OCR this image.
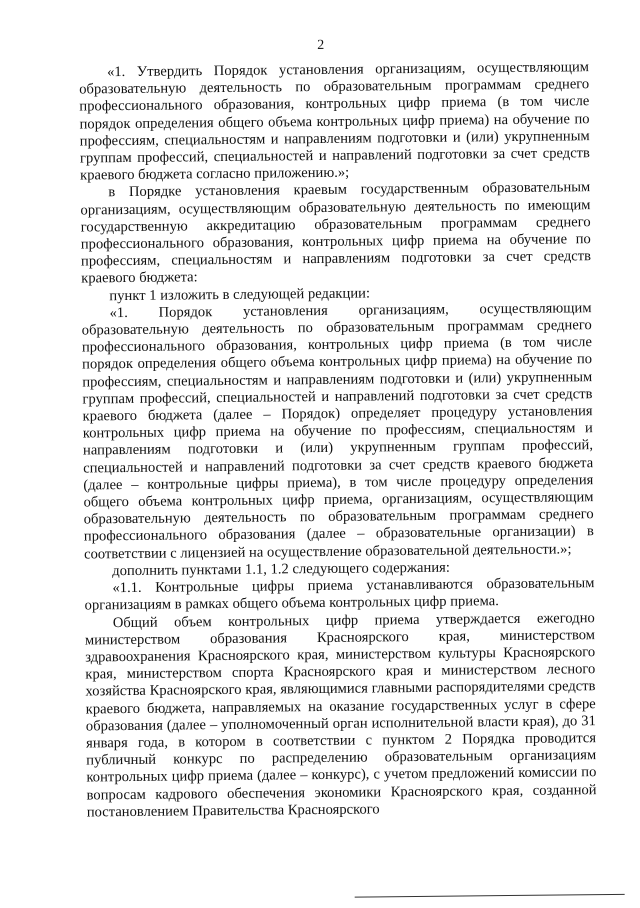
2

«1. Утвердить Порядок установления организациям, осуществляющим образовательную деятельность по образовательным программам среднего профессионального образования, контрольных цифр приема (в том числе порядок определения общего объема контрольных цифр приема) на обучение по профессиям, специальностям и направлениям подготовки и (или) укрупненным группам профессий, специальностей и направлений подготовки за счет средств краевого бюджета согласно приложению.»;

в Порядке установления краевым государственным образовательным организациям, осуществляющим образовательную деятельность по имеющим государственную аккредитацию образовательным программам среднего профессионального образования, контрольных цифр приема на обучение по профессиям, специальностям и направлениям подготовки за счет средств краевого бюджета:

пункт 1 изложить в следующей редакции:

«1. Порядок установления организациям, осуществляющим образовательную деятельность по образовательным программам среднего профессионального образования, контрольных цифр приема (в том числе порядок определения общего объема контрольных цифр приема) на обучение по профессиям, специальностям и направлениям подготовки и (или) укрупненным группам профессий, специальностей и направлений подготовки за счет средств краевого бюджета (далее – Порядок) определяет процедуру установления контрольных цифр приема на обучение по профессиям, специальностям и направлениям подготовки и (или) укрупненным группам профессий, специальностей и направлений подготовки за счет средств краевого бюджета (далее – контрольные цифры приема), в том числе процедуру определения общего объема контрольных цифр приема, организациям, осуществляющим образовательную деятельность по образовательным программам среднего профессионального образования (далее – образовательные организации) в соответствии с лицензией на осуществление образовательной деятельности.»;

дополнить пунктами 1.1, 1.2 следующего содержания:

«1.1. Контрольные цифры приема устанавливаются образовательным организациям в рамках общего объема контрольных цифр приема.

Общий объем контрольных цифр приема утверждается ежегодно министерством образования Красноярского края, министерством здравоохранения Красноярского края, министерством культуры Красноярского края, министерством спорта Красноярского края и министерством лесного хозяйства Красноярского края, являющимися главными распорядителями средств краевого бюджета, направляемых на оказание государственных услуг в сфере образования (далее – уполномоченный орган исполнительной власти края), до 31 января года, в котором в соответствии с пунктом 2 Порядка проводится публичный конкурс по распределению образовательным организациям контрольных цифр приема (далее – конкурс), с учетом предложений комиссии по вопросам кадрового обеспечения экономики Красноярского края, созданной постановлением Правительства Красноярского
